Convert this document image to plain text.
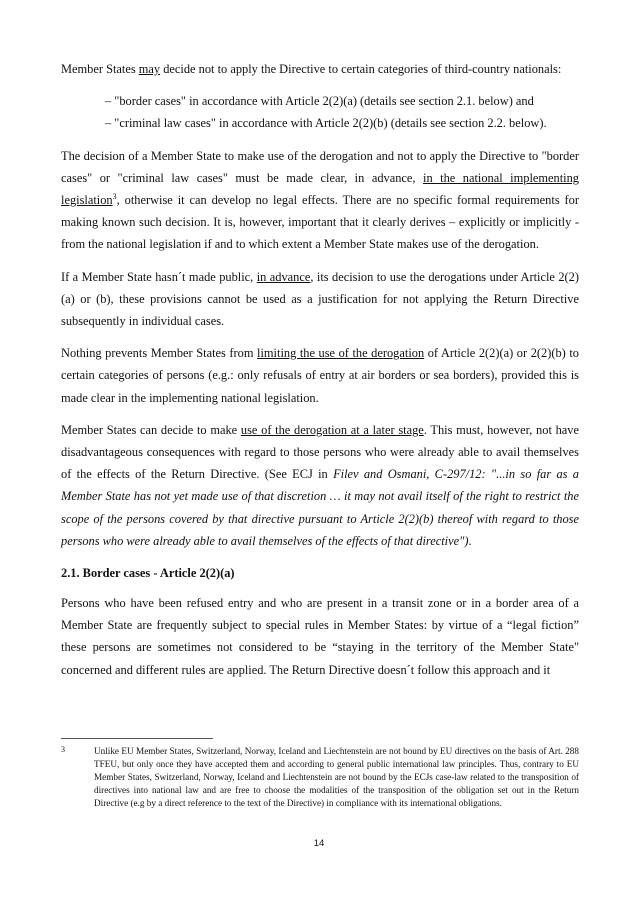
Member States may decide not to apply the Directive to certain categories of third-country nationals:

– "border cases" in accordance with Article 2(2)(a) (details see section 2.1. below) and

– "criminal law cases" in accordance with Article 2(2)(b) (details see section 2.2. below).

The decision of a Member State to make use of the derogation and not to apply the Directive to "border cases" or "criminal law cases" must be made clear, in advance, in the national implementing legislation$^3$, otherwise it can develop no legal effects. There are no specific formal requirements for making known such decision. It is, however, important that it clearly derives – explicitly or implicitly - from the national legislation if and to which extent a Member State makes use of the derogation.

If a Member State hasn´t made public, in advance, its decision to use the derogations under Article 2(2)(a) or (b), these provisions cannot be used as a justification for not applying the Return Directive subsequently in individual cases.

Nothing prevents Member States from limiting the use of the derogation of Article 2(2)(a) or 2(2)(b) to certain categories of persons (e.g.: only refusals of entry at air borders or sea borders), provided this is made clear in the implementing national legislation.

Member States can decide to make use of the derogation at a later stage. This must, however, not have disadvantageous consequences with regard to those persons who were already able to avail themselves of the effects of the Return Directive. (See ECJ in Filev and Osmani, C-297/12: "...in so far as a Member State has not yet made use of that discretion … it may not avail itself of the right to restrict the scope of the persons covered by that directive pursuant to Article 2(2)(b) thereof with regard to those persons who were already able to avail themselves of the effects of that directive").

2.1. Border cases - Article 2(2)(a)

Persons who have been refused entry and who are present in a transit zone or in a border area of a Member State are frequently subject to special rules in Member States: by virtue of a “legal fiction” these persons are sometimes not considered to be “staying in the territory of the Member State" concerned and different rules are applied. The Return Directive doesn´t follow this approach and it

3	Unlike EU Member States, Switzerland, Norway, Iceland and Liechtenstein are not bound by EU directives on the basis of Art. 288 TFEU, but only once they have accepted them and according to general public international law principles. Thus, contrary to EU Member States, Switzerland, Norway, Iceland and Liechtenstein are not bound by the ECJs case-law related to the transposition of directives into national law and are free to choose the modalities of the transposition of the obligation set out in the Return Directive (e.g by a direct reference to the text of the Directive) in compliance with its international obligations.
14
